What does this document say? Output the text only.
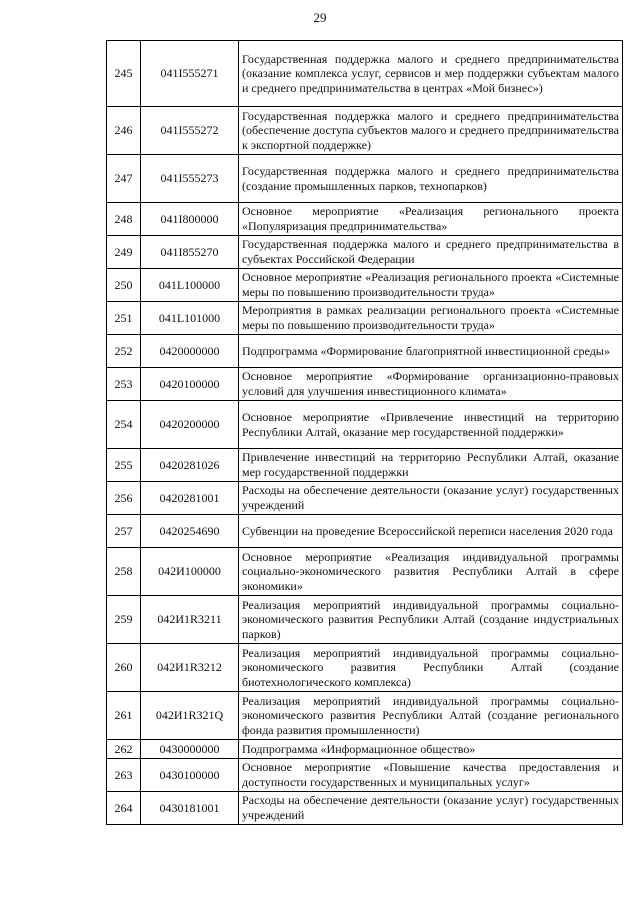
29
245	041I555271	Государственная поддержка малого и среднего предпринимательства (оказание комплекса услуг, сервисов и мер поддержки субъектам малого и среднего предпринимательства в центрах «Мой бизнес»)
246	041I555272	Государственная поддержка малого и среднего предпринимательства (обеспечение доступа субъектов малого и среднего предпринимательства к экспортной поддержке)
247	041I555273	Государственная поддержка малого и среднего предпринимательства (создание промышленных парков, технопарков)
248	041I800000	Основное мероприятие «Реализация регионального проекта «Популяризация предпринимательства»
249	041I855270	Государственная поддержка малого и среднего предпринимательства в субъектах Российской Федерации
250	041L100000	Основное мероприятие «Реализация регионального проекта «Системные меры по повышению производительности труда»
251	041L101000	Мероприятия в рамках реализации регионального проекта «Системные меры по повышению производительности труда»
252	0420000000	Подпрограмма «Формирование благоприятной инвестиционной среды»
253	0420100000	Основное мероприятие «Формирование организационно-правовых условий для улучшения инвестиционного климата»
254	0420200000	Основное мероприятие «Привлечение инвестиций на территорию Республики Алтай, оказание мер государственной поддержки»
255	0420281026	Привлечение инвестиций на территорию Республики Алтай, оказание мер государственной поддержки
256	0420281001	Расходы на обеспечение деятельности (оказание услуг) государственных учреждений
257	0420254690	Субвенции на проведение Всероссийской переписи населения 2020 года
258	042И100000	Основное мероприятие «Реализация индивидуальной программы социально-экономического развития Республики Алтай в сфере экономики»
259	042И1R3211	Реализация мероприятий индивидуальной программы социально-экономического развития Республики Алтай (создание индустриальных парков)
260	042И1R3212	Реализация мероприятий индивидуальной программы социально-экономического развития Республики Алтай (создание биотехнологического комплекса)
261	042И1R321Q	Реализация мероприятий индивидуальной программы социально-экономического развития Республики Алтай (создание регионального фонда развития промышленности)
262	0430000000	Подпрограмма «Информационное общество»
263	0430100000	Основное мероприятие «Повышение качества предоставления и доступности государственных и муниципальных услуг»
264	0430181001	Расходы на обеспечение деятельности (оказание услуг) государственных учреждений
